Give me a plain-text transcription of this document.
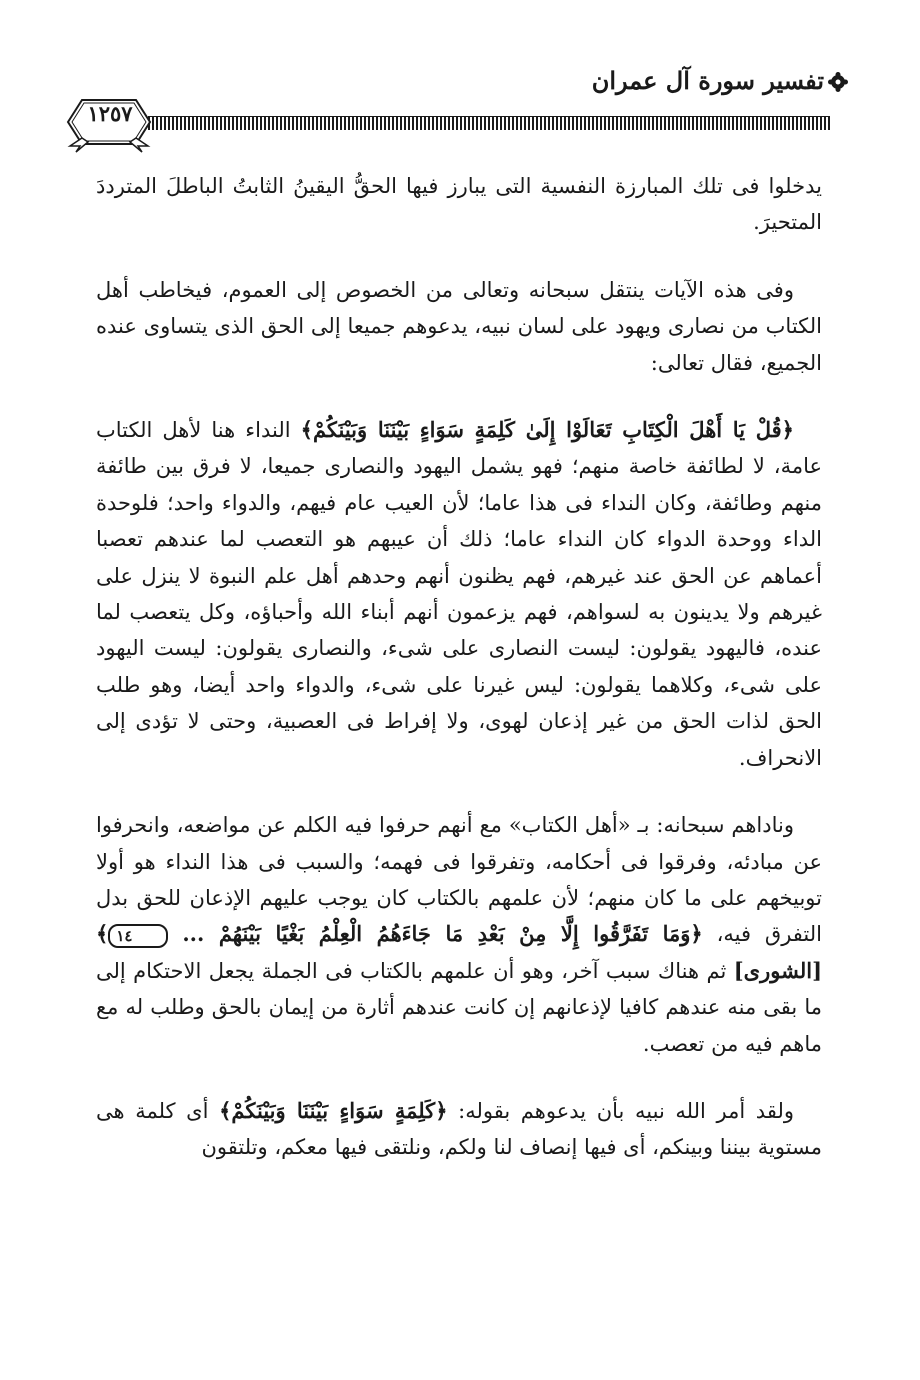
تفسير سورة آل عمران
١٢٥٧

يدخلوا فى تلك المبارزة النفسية التى يبارز فيها الحقُّ اليقينُ الثابتُ الباطلَ المترددَ المتحيرَ.

وفى هذه الآيات ينتقل سبحانه وتعالى من الخصوص إلى العموم، فيخاطب أهل الكتاب من نصارى ويهود على لسان نبيه، يدعوهم جميعا إلى الحق الذى يتساوى عنده الجميع، فقال تعالى:

﴿قُلْ يَا أَهْلَ الْكِتَابِ تَعَالَوْا إِلَىٰ كَلِمَةٍ سَوَاءٍ بَيْنَنَا وَبَيْنَكُمْ﴾ النداء هنا لأهل الكتاب عامة، لا لطائفة خاصة منهم؛ فهو يشمل اليهود والنصارى جميعا، لا فرق بين طائفة منهم وطائفة، وكان النداء فى هذا عاما؛ لأن العيب عام فيهم، والدواء واحد؛ فلوحدة الداء ووحدة الدواء كان النداء عاما؛ ذلك أن عيبهم هو التعصب لما عندهم تعصبا أعماهم عن الحق عند غيرهم، فهم يظنون أنهم وحدهم أهل علم النبوة لا ينزل على غيرهم ولا يدينون به لسواهم، فهم يزعمون أنهم أبناء الله وأحباؤه، وكل يتعصب لما عنده، فاليهود يقولون: ليست النصارى على شىء، والنصارى يقولون: ليست اليهود على شىء، وكلاهما يقولون: ليس غيرنا على شىء، والدواء واحد أيضا، وهو طلب الحق لذات الحق من غير إذعان لهوى، ولا إفراط فى العصبية، وحتى لا تؤدى إلى الانحراف.

وناداهم سبحانه: بـ «أهل الكتاب» مع أنهم حرفوا فيه الكلم عن مواضعه، وانحرفوا عن مبادئه، وفرقوا فى أحكامه، وتفرقوا فى فهمه؛ والسبب فى هذا النداء هو أولا توبيخهم على ما كان منهم؛ لأن علمهم بالكتاب كان يوجب عليهم الإذعان للحق بدل التفرق فيه، ﴿وَمَا تَفَرَّقُوا إِلَّا مِنْ بَعْدِ مَا جَاءَهُمُ الْعِلْمُ بَغْيًا بَيْنَهُمْ ... ١٤﴾ [الشورى] ثم هناك سبب آخر، وهو أن علمهم بالكتاب فى الجملة يجعل الاحتكام إلى ما بقى منه عندهم كافيا لإذعانهم إن كانت عندهم أثارة من إيمان بالحق وطلب له مع ماهم فيه من تعصب.

ولقد أمر الله نبيه بأن يدعوهم بقوله: ﴿كَلِمَةٍ سَوَاءٍ بَيْنَنَا وَبَيْنَكُمْ﴾ أى كلمة هى مستوية بيننا وبينكم، أى فيها إنصاف لنا ولكم، ونلتقى فيها معكم، وتلتقون
